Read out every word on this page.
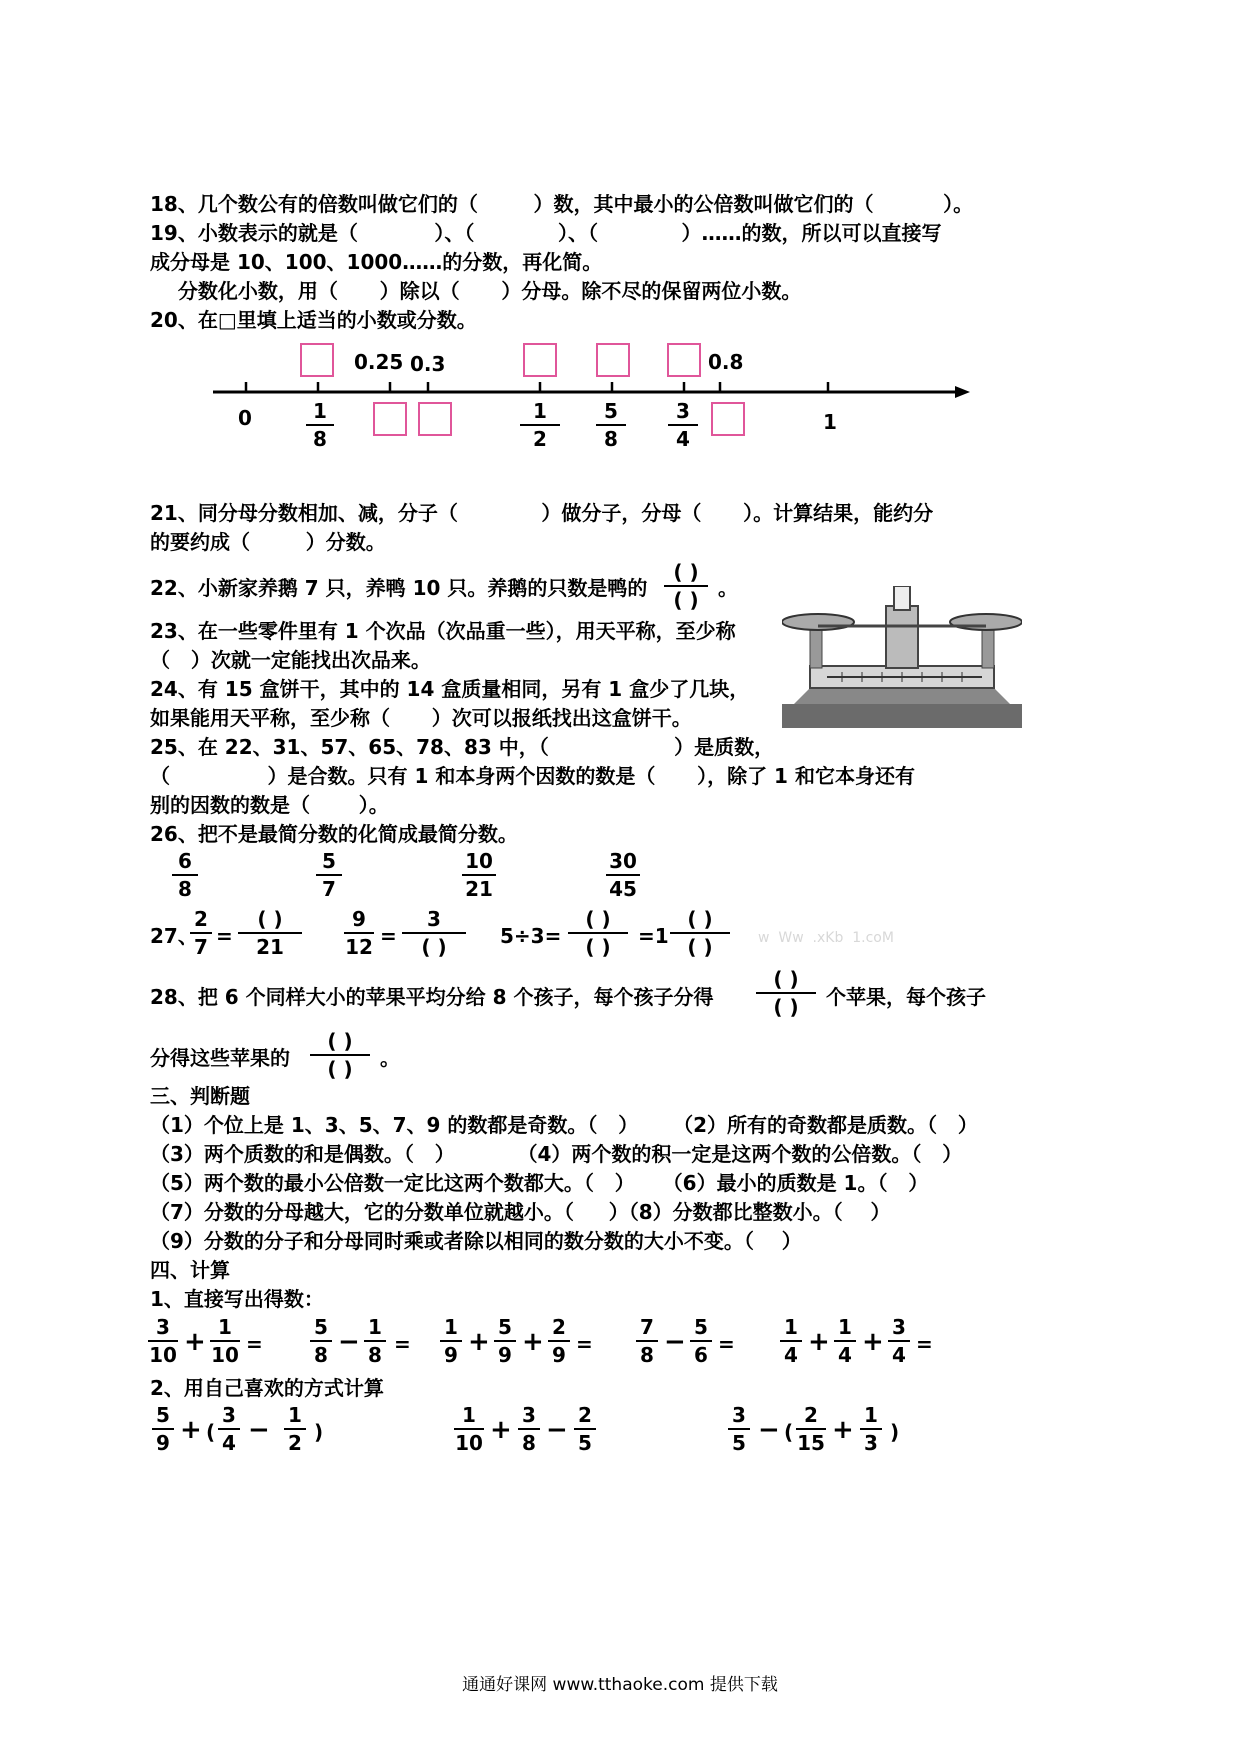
18、几个数公有的倍数叫做它们的（        ）数，其中最小的公倍数叫做它们的（          ）。
19、小数表示的就是（           ）、（            ）、（            ）……的数，所以可以直接写
成分母是 10、100、1000……的分数，再化简。
分数化小数，用（      ）除以（      ）分母。除不尽的保留两位小数。
20、在□里填上适当的小数或分数。
0.25 0.3	0.8
0	1
1
8
1
2
5
8
3
4
21、同分母分数相加、减，分子（            ）做分子，分母（      ）。计算结果，能约分
的要约成（        ）分数。
22、小新家养鹅 7 只，养鸭 10 只。养鹅的只数是鸭的
( )
( ) 。
23、在一些零件里有 1 个次品（次品重一些），用天平称，至少称
（   ）次就一定能找出次品来。
24、有 15 盒饼干，其中的 14 盒质量相同，另有 1 盒少了几块，
如果能用天平称，至少称（      ）次可以报纸找出这盒饼干。
25、在 22、31、57、65、78、83 中，（                  ）是质数，
（              ）是合数。只有 1 和本身两个因数的数是（      ），除了 1 和它本身还有
别的因数的数是（       ）。
26、把不是最简分数的化简成最简分数。
6
8
5
7
10
21
30
45
27、
2
7 =
( )
21
9
12 =
3
( )	5÷3=
( )
( )	=1
( )
( )	w  Ww  .xKb  1.coM
28、把 6 个同样大小的苹果平均分给 8 个孩子，每个孩子分得
( )
( )	个苹果，每个孩子
分得这些苹果的
( )
( )	。
三、判断题
（1）个位上是 1、3、5、7、9 的数都是奇数。（   ）     （2）所有的奇数都是质数。（   ）
（3）两个质数的和是偶数。（   ）         （4）两个数的积一定是这两个数的公倍数。（   ）
（5）两个数的最小公倍数一定比这两个数都大。（   ）    （6）最小的质数是 1。（   ）
（7）分数的分母越大，它的分数单位就越小。（     ）（8）分数都比整数小。（    ）
（9）分数的分子和分母同时乘或者除以相同的数分数的大小不变。（    ）
四、计算
1、直接写出得数：
3
10 + 1
10 =
5
8 − 1
8 =
1
9 + 5
9 + 2
9 =
7
8 − 5
6 =
1
4 + 1
4 + 3
4 =
2、用自己喜欢的方式计算
5
9 + (
3
4 − 1
2 )
1
10 + 3
8 − 2
5
3
5 − (
2
15 + 1
3 )
通通好课网 www.tthaoke.com 提供下载
